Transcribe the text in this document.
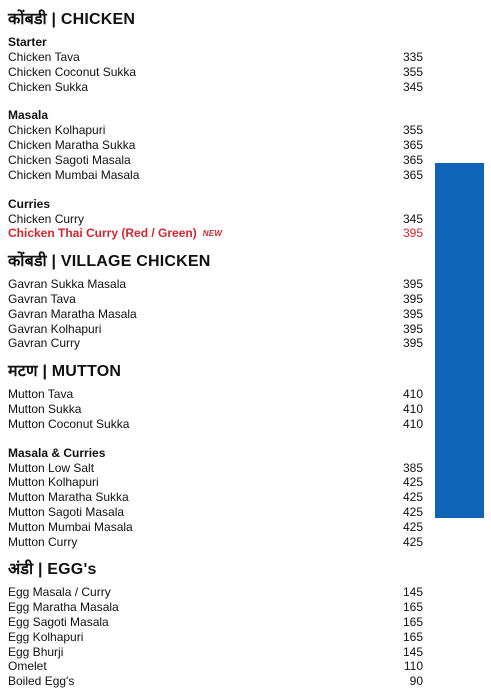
कोंबडी | CHICKEN
Starter
Chicken Tava	335
Chicken Coconut Sukka	355
Chicken Sukka	345
Masala
Chicken Kolhapuri	355
Chicken Maratha Sukka	365
Chicken Sagoti Masala	365
Chicken Mumbai Masala	365
Curries
Chicken Curry	345
Chicken Thai Curry (Red / Green) NEW	395
कोंबडी | VILLAGE CHICKEN
Gavran Sukka Masala	395
Gavran Tava	395
Gavran Maratha Masala	395
Gavran Kolhapuri	395
Gavran Curry	395
मटण | MUTTON
Mutton Tava	410
Mutton Sukka	410
Mutton Coconut Sukka	410
Masala & Curries
Mutton Low Salt	385
Mutton Kolhapuri	425
Mutton Maratha Sukka	425
Mutton Sagoti Masala	425
Mutton Mumbai Masala	425
Mutton Curry	425
अंडी | EGG's
Egg Masala / Curry	145
Egg Maratha Masala	165
Egg Sagoti Masala	165
Egg Kolhapuri	165
Egg Bhurji	145
Omelet	110
Boiled Egg's	90
